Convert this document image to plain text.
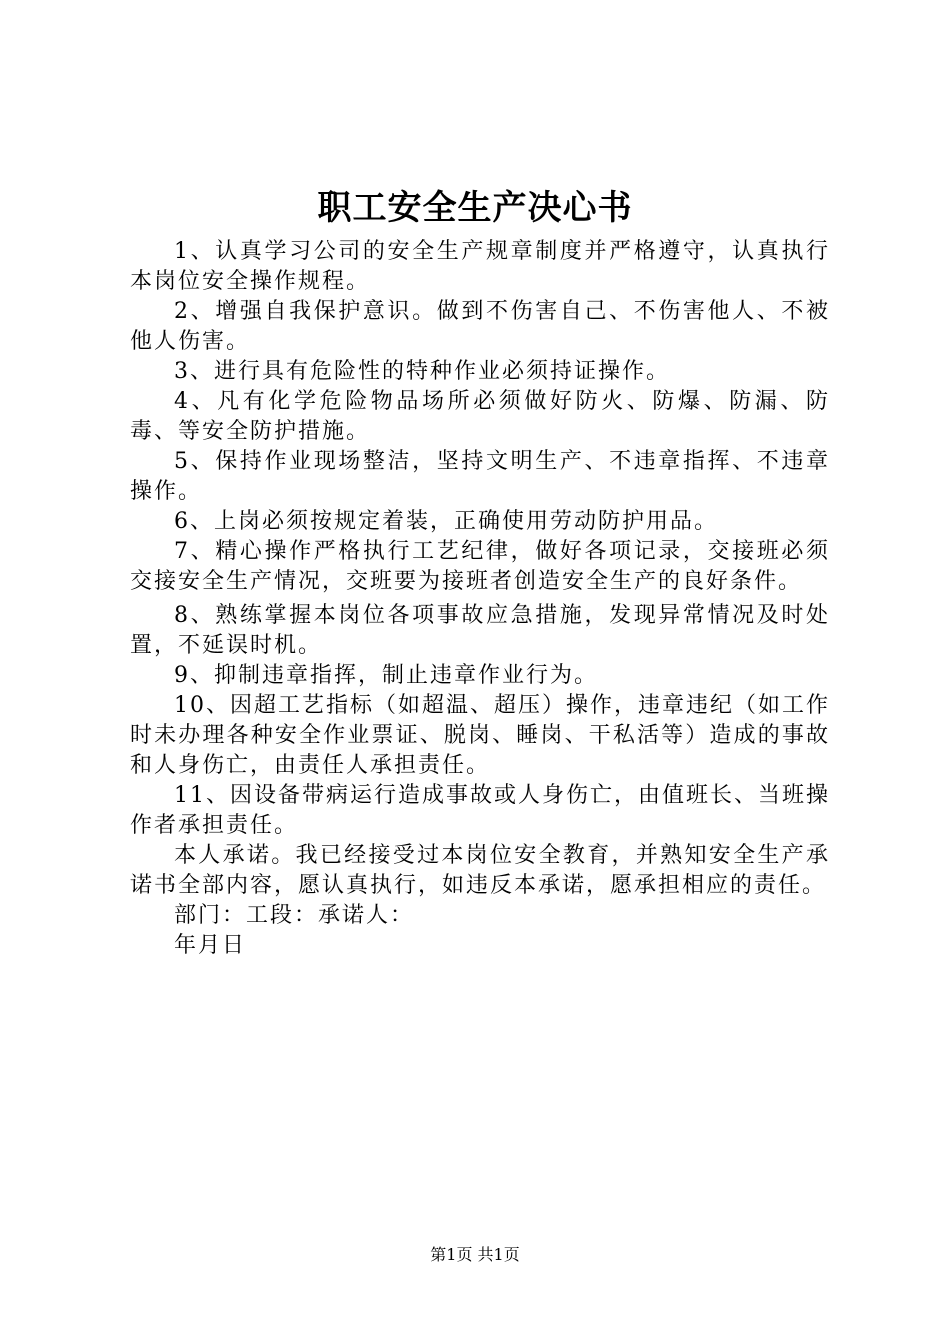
职工安全生产决心书

1、认真学习公司的安全生产规章制度并严格遵守，认真执行本岗位安全操作规程。

2、增强自我保护意识。做到不伤害自己、不伤害他人、不被他人伤害。

3、进行具有危险性的特种作业必须持证操作。

4、凡有化学危险物品场所必须做好防火、防爆、防漏、防毒、等安全防护措施。

5、保持作业现场整洁，坚持文明生产、不违章指挥、不违章操作。

6、上岗必须按规定着装，正确使用劳动防护用品。

7、精心操作严格执行工艺纪律，做好各项记录，交接班必须交接安全生产情况，交班要为接班者创造安全生产的良好条件。

8、熟练掌握本岗位各项事故应急措施，发现异常情况及时处置，不延误时机。

9、抑制违章指挥，制止违章作业行为。

10、因超工艺指标（如超温、超压）操作，违章违纪（如工作时未办理各种安全作业票证、脱岗、睡岗、干私活等）造成的事故和人身伤亡，由责任人承担责任。

11、因设备带病运行造成事故或人身伤亡，由值班长、当班操作者承担责任。

本人承诺。我已经接受过本岗位安全教育，并熟知安全生产承诺书全部内容，愿认真执行，如违反本承诺，愿承担相应的责任。

部门：工段：承诺人：

年月日

第1页 共1页
